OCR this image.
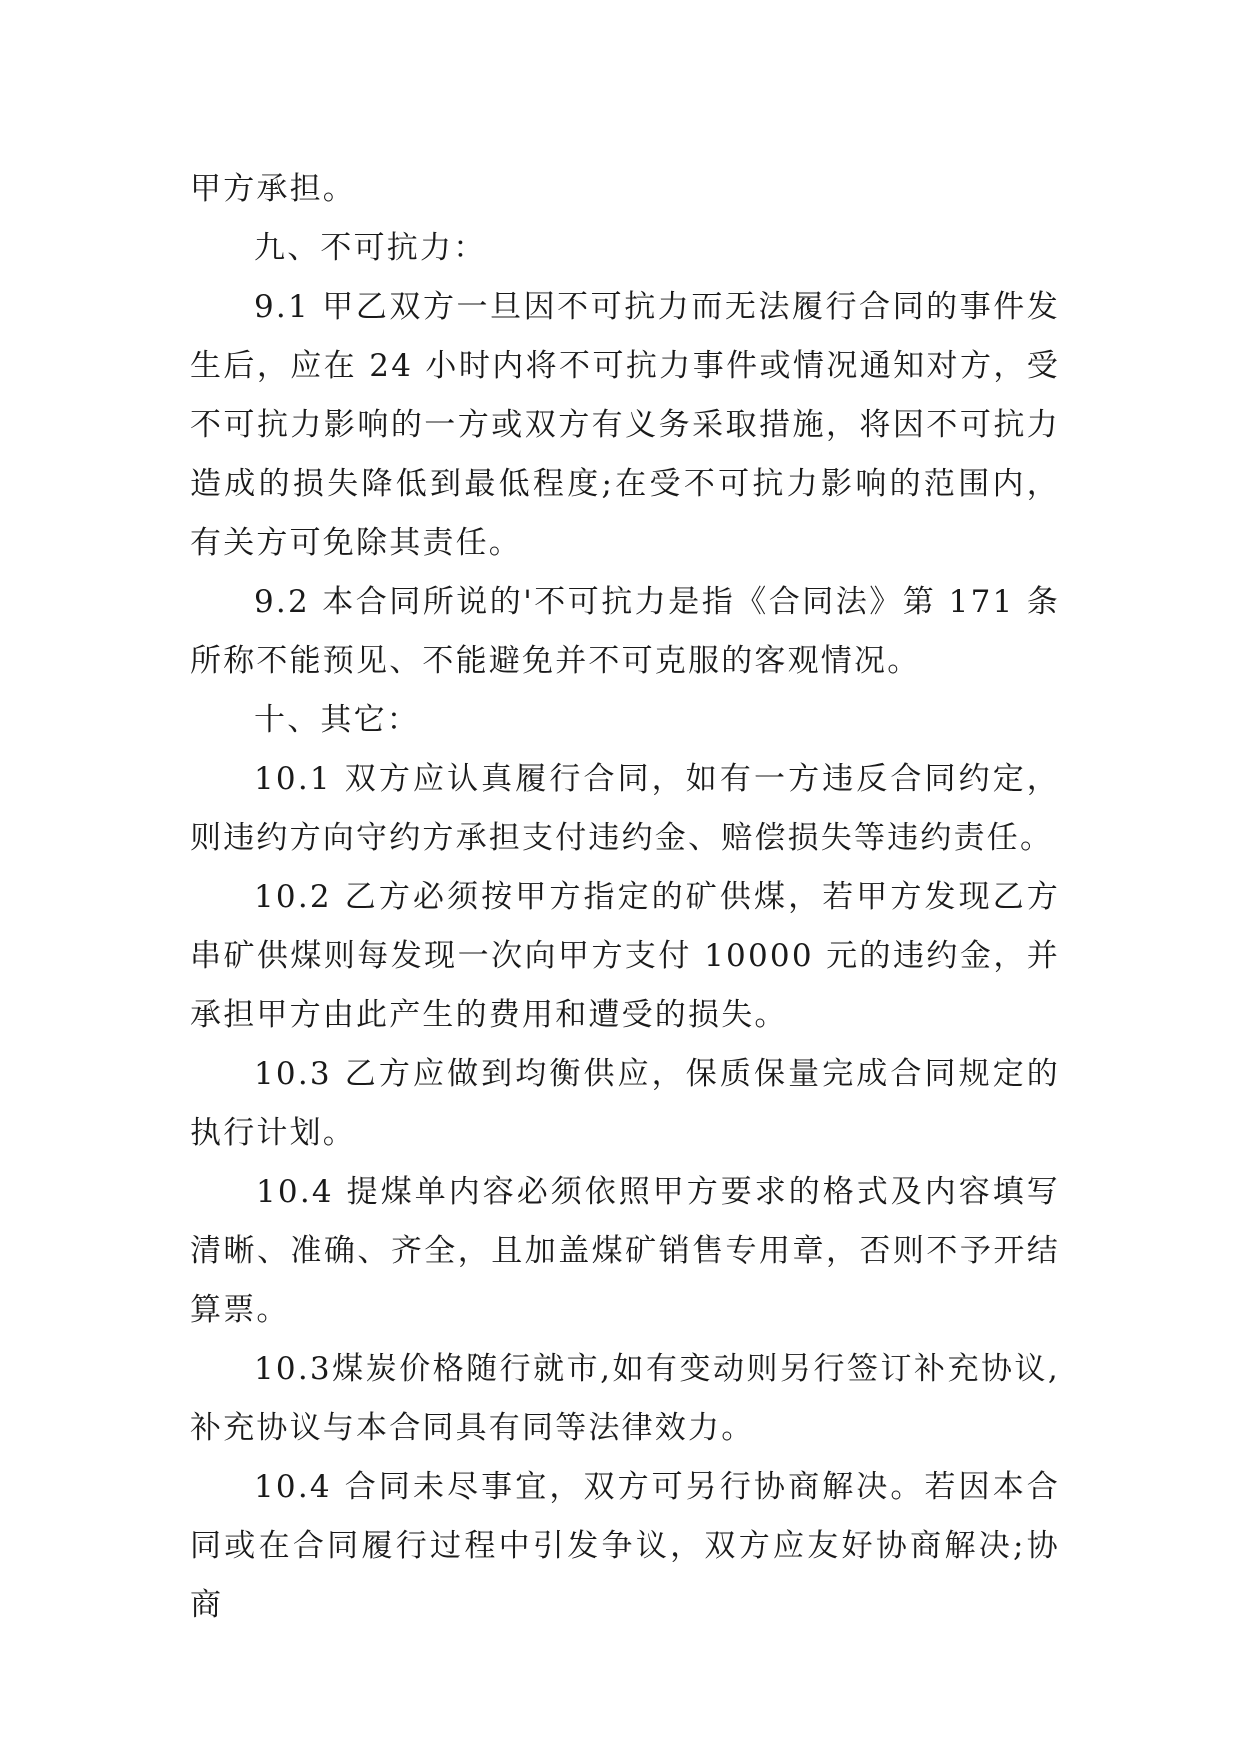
甲方承担。

九、不可抗力：

9.1 甲乙双方一旦因不可抗力而无法履行合同的事件发生后，应在 24 小时内将不可抗力事件或情况通知对方，受不可抗力影响的一方或双方有义务采取措施，将因不可抗力造成的损失降低到最低程度;在受不可抗力影响的范围内，有关方可免除其责任。

9.2 本合同所说的'不可抗力是指《合同法》第 171 条所称不能预见、不能避免并不可克服的客观情况。

十、其它：

10.1 双方应认真履行合同，如有一方违反合同约定，则违约方向守约方承担支付违约金、赔偿损失等违约责任。

10.2 乙方必须按甲方指定的矿供煤，若甲方发现乙方串矿供煤则每发现一次向甲方支付 10000 元的违约金，并承担甲方由此产生的费用和遭受的损失。

10.3 乙方应做到均衡供应，保质保量完成合同规定的执行计划。

10.4 提煤单内容必须依照甲方要求的格式及内容填写清晰、准确、齐全，且加盖煤矿销售专用章，否则不予开结算票。

10.3煤炭价格随行就市,如有变动则另行签订补充协议,补充协议与本合同具有同等法律效力。

10.4 合同未尽事宜，双方可另行协商解决。若因本合同或在合同履行过程中引发争议，双方应友好协商解决;协商
